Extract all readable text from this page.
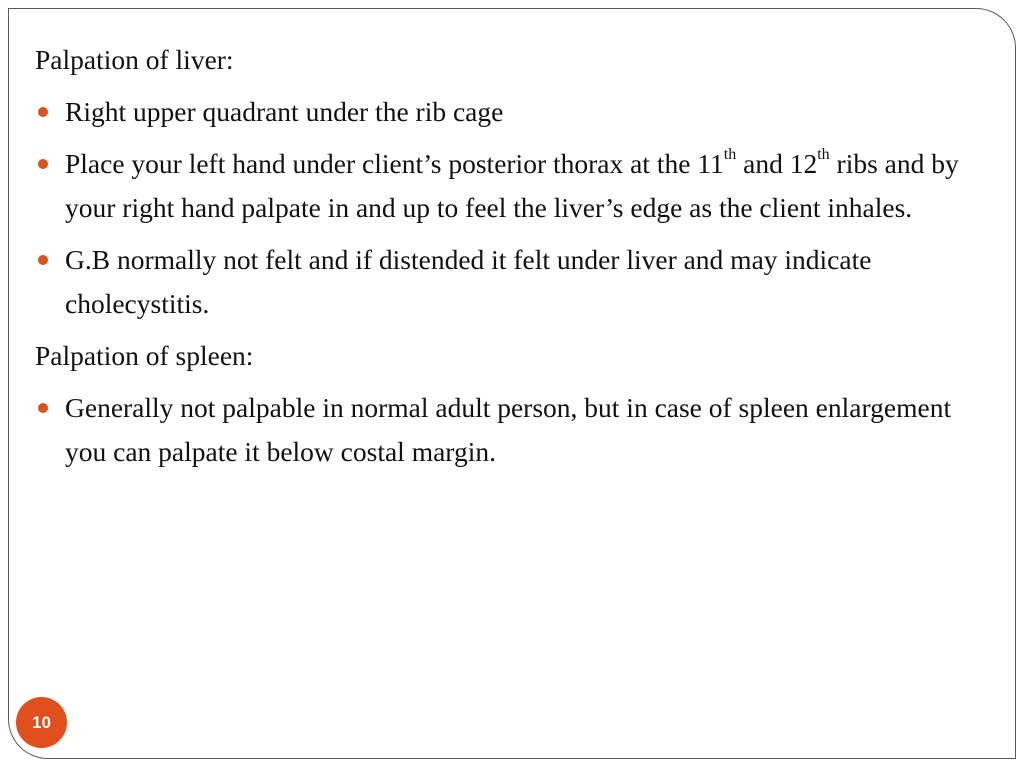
Palpation of liver:
Right upper quadrant under the rib cage
Place your left hand under client’s posterior thorax at the 11th and 12th ribs and by your right hand palpate in and up to feel the liver’s edge as the client inhales.
G.B normally not felt and if distended it felt under liver and may indicate cholecystitis.
Palpation of spleen:
Generally not palpable in normal adult person, but in case of spleen enlargement you can palpate it below costal margin.
10
